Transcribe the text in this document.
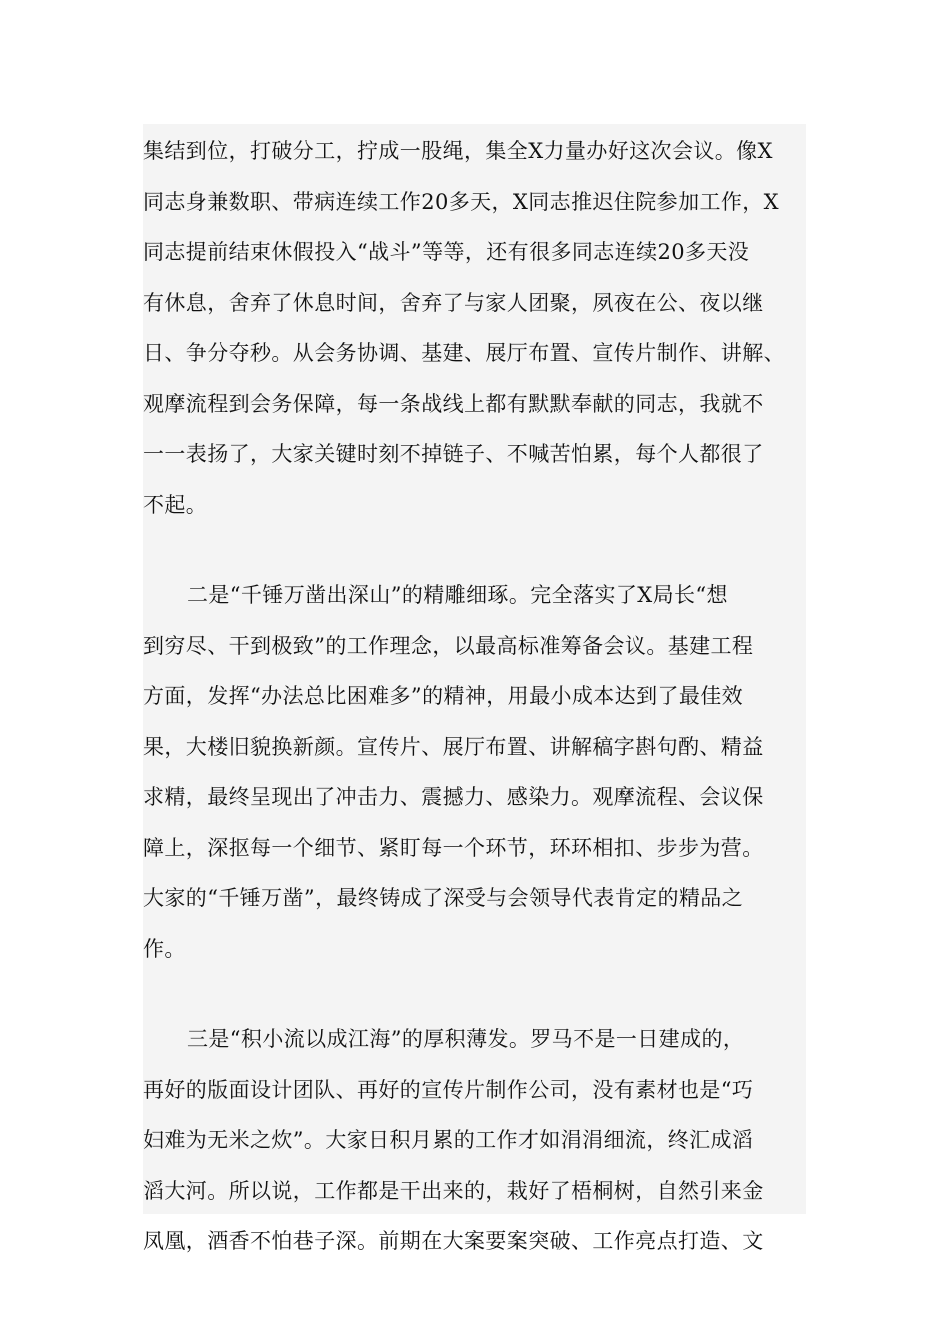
集结到位，打破分工，拧成一股绳，集全X力量办好这次会议。像X
同志身兼数职、带病连续工作20多天，X同志推迟住院参加工作，X
同志提前结束休假投入“战斗”等等，还有很多同志连续20多天没
有休息，舍弃了休息时间，舍弃了与家人团聚，夙夜在公、夜以继
日、争分夺秒。从会务协调、基建、展厅布置、宣传片制作、讲解、
观摩流程到会务保障，每一条战线上都有默默奉献的同志，我就不
一一表扬了，大家关键时刻不掉链子、不喊苦怕累，每个人都很了
不起。
二是“千锤万凿出深山”的精雕细琢。完全落实了X局长“想
到穷尽、干到极致”的工作理念，以最高标准筹备会议。基建工程
方面，发挥“办法总比困难多”的精神，用最小成本达到了最佳效
果，大楼旧貌换新颜。宣传片、展厅布置、讲解稿字斟句酌、精益
求精，最终呈现出了冲击力、震撼力、感染力。观摩流程、会议保
障上，深抠每一个细节、紧盯每一个环节，环环相扣、步步为营。
大家的“千锤万凿”，最终铸成了深受与会领导代表肯定的精品之
作。
三是“积小流以成江海”的厚积薄发。罗马不是一日建成的，
再好的版面设计团队、再好的宣传片制作公司，没有素材也是“巧
妇难为无米之炊”。大家日积月累的工作才如涓涓细流，终汇成滔
滔大河。所以说，工作都是干出来的，栽好了梧桐树，自然引来金
凤凰，酒香不怕巷子深。前期在大案要案突破、工作亮点打造、文
